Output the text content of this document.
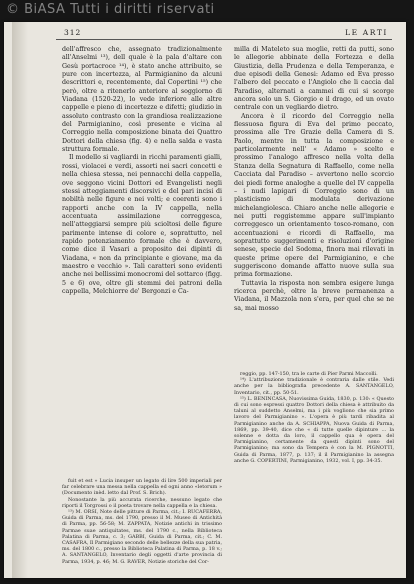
© BiASA Tutti i diritti riservati
312	LE ARTI

dell'affresco che, assegnato tradizionalmente all'Anselmi ¹³), dell quale è la pala d'altare con Gesù portacroce ¹⁴), è stato anche attribuito, se pure con incertezza, al Parmigianino da alcuni descrittori e, recentemente, dal Copertini ¹⁵) che però, oltre a ritenerlo anteriore al soggiorno di Viadana (1520-22), lo vede inferiore alle altre cappelle e pieno di incertezze e difetti; giudizio in assoluto contrasto con la grandiosa realizzazione del Parmigianino, così presente e vicina al Correggio nella composizione binata dei Quattro Dottori della chiesa (fig. 4) e nella salda e vasta struttura formale.

Il modello si vagliardi in ricchi paramenti gialli, rossi, violacei e verdi, assorti nei sacri concetti e nella chiesa stessa, nei pennacchi della cappella, ove seggono vicini Dottori ed Evangelisti negli stessi atteggiamenti discorsivi e del pari incisi di nobiltà nelle figure e nei volti; e coerenti sono i rapporti anche con la IV cappella, nella accentuata assimilazione correggesca, nell'atteggiarsi sempre più scioltosi delle figure parimente intense di colore e, soprattutto, nel rapido potenziamento formale che è davvero, come dice il Vasari a proposito dei dipinti di Viadana, « non da principiante e giovane, ma da maestro e vecchio ». Tali caratteri sono evidenti anche nei bellissimi monocromi del sottarco (figg. 5 e 6) ove, oltre gli stemmi dei patroni della cappella, Melchiorre de' Bergonzi e Ca-

fuit et est » Lucia insuper un legato di lire 500 imperiali per far celebrare una messa nella cappella ed ogni anno «letorum » (Documento inèd. letto dal Prof. S. Brich).

Nonostante la più accurata ricerche, nessuno legato che riporti il Torgrossi o il poeta trovare nella cappella e la chiesa.

¹³) M. ORSI, Note delle pitture di Parma, cit.; I. RUCAFERRA, Guida di Parma, ms. del 1790, presso il M. Museo di Antichità di Parma, pp. 56-58; M. ZAPPATA, Notizie antichi in trissimo Parmae suae antiquitates, ms. del 1790 c., nella Biblioteca Palatina di Parma, c. 3; GABBI, Guida di Parma, cit.; C. M. CASAFRA, Il Parmigiano secondo delle bellezze della sua patria, ms. del 1800 c., presso la Biblioteca Palatina di Parma, p. 18 v.; A. SANTANGELO, Inventario degli oggetti d'arte provincia di Parma, 1934, p. 46; M. G. RAVER, Notizie storiche del Cor-

milla di Mateleto sua moglie, retti da putti, sono le allegorie abbinate della Fortezza e della Giustizia, della Prudenza e della Temperanza, e due episodi della Genesi: Adamo ed Eva presso l'albero del peccato e l'Angiolo che li caccia dal Paradiso, alternati a cammei di cui si scorge ancora solo un S. Giorgio e il drago, ed un ovato centrale con un vegliardo dietro.

Ancora è il ricordo del Correggio nella flessuosa figura di Eva del primo peccato, prossima alle Tre Grazie della Camera di S. Paolo, mentre in tutta la composizione e particolarmente nell' « Adamo » scelto e prossimo l'analogo affresco nella volta della Stanza della Segnatura di Raffaello, come nella Cacciata dal Paradiso – avvertono nello scorcio dei piedi forme analoghe a quelle del IV cappella – i nudi lapigari di Correggio sono di un plasticismo di modulata derivazione michelangiolesca. Chiaro anche nelle allegorie e nei putti reggistemme appare sull'impianto correggesco un orientamento tosco-romano, con accentuazioni e ricordi di Raffaello, ma soprattutto suggerimenti e risoluzioni d'origine senese, specie del Sodoma, finora mai rilevati in queste prime opere del Parmigianino, e che suggeriscono domande affatto nuove sulla sua prima formazione.

Tuttavia la risposta non sembra esigere lunga ricerca perchè, oltre la breve permanenza a Viadana, il Mazzola non s'era, per quel che se ne sa, mai mosso

reggio, pp. 147-150, tra le carte di Pier Parmi Maccolli.

¹⁴) L'attribuzione tradizionale è contraria dalle stile. Vedi anche per la bibliografia precedente A. SANTANGELO, Inventario, cit., pp. 50-51.

¹⁵) L. BENINCASA, Nuovissima Guida, 1830, p. 130: « Questo di cui sono espressi quattro Dottori della chiesa è attribuito da taluni al suddetto Anselmi, ma i più vogliono che sia primo lavoro del Parmigianino ». L'opera è più tardi ribadita al Parmigianino anche da A. SCHIAPPA, Nuova Guida di Parma, 1869, pp. 39-40, dice che « di tutte quelle dipinture ... la solenne e dotta da loro, il cappello qua è opera del Parmigianino, certamente da questi dipinti sono del Parmigianino; ma sono da Tempera è con la M. PIGNOTTI, Guida di Parma, 1877, p. 137; il il Parmigianino la assegna anche G. COPERTINI, Parmigianino, 1932, vol. I, pp. 34-35.
